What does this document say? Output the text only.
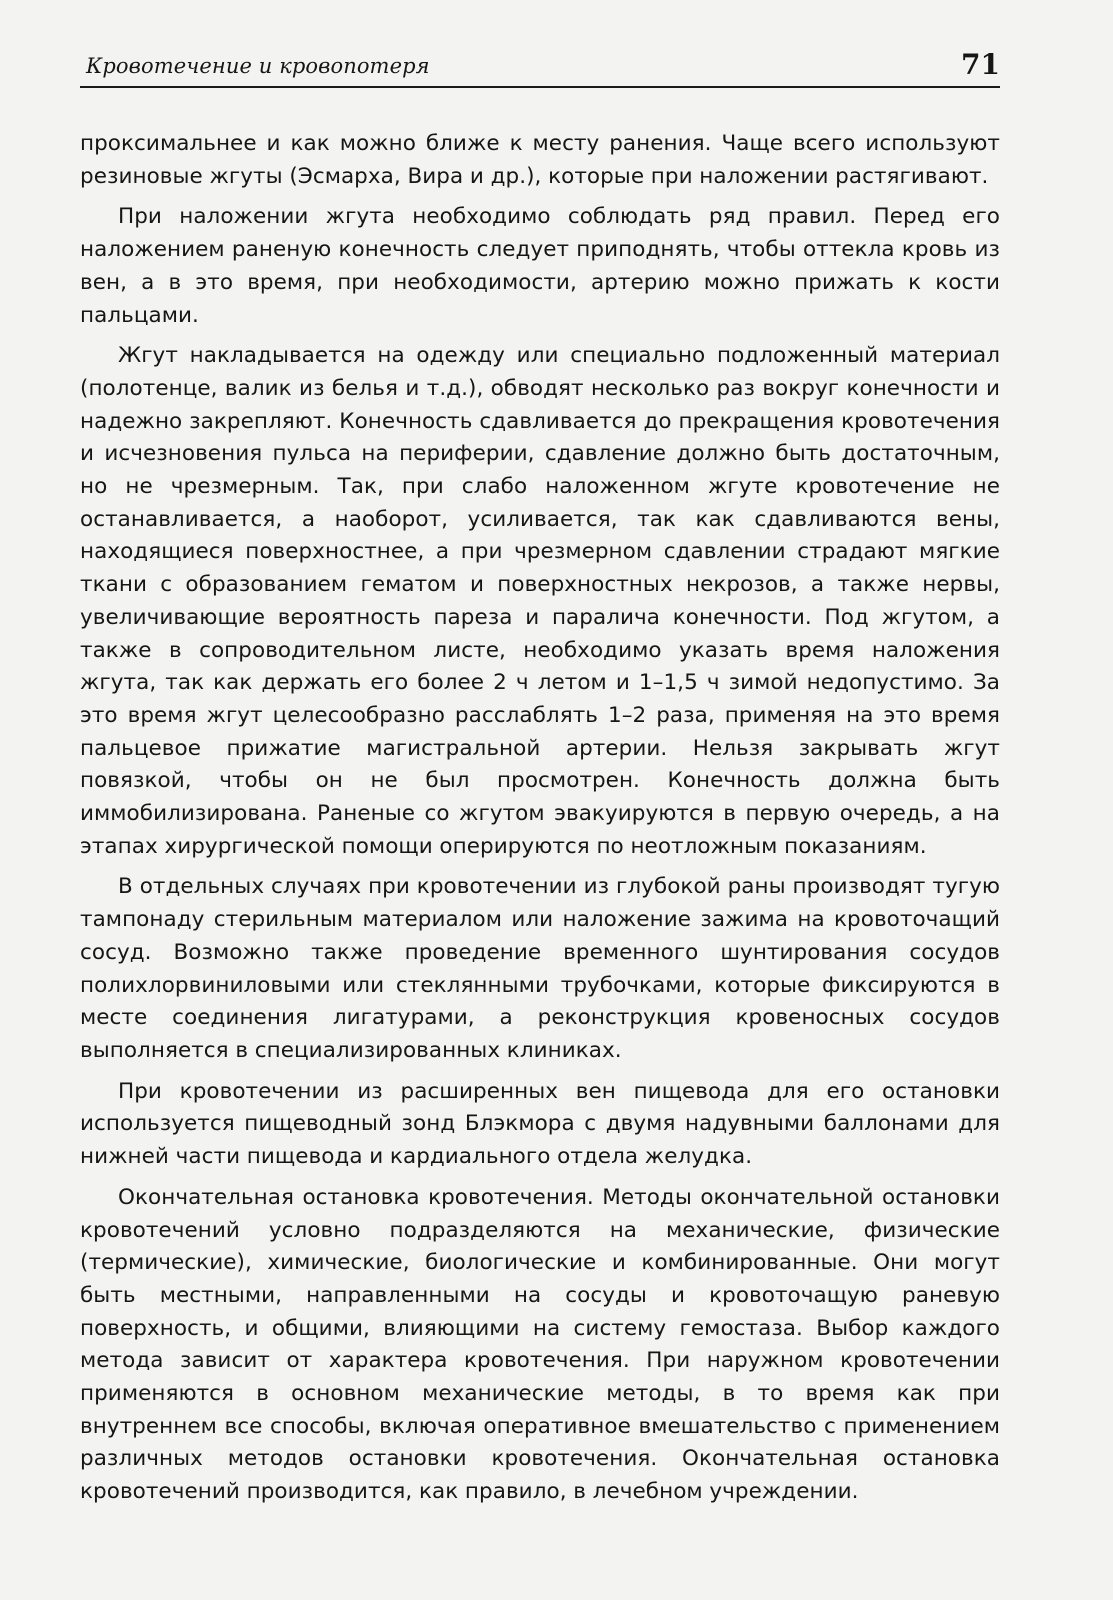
Кровотечение и кровопотеря	71

проксимальнее и как можно ближе к месту ранения. Чаще всего используют резиновые жгуты (Эсмарха, Вира и др.), которые при наложении растягивают.

При наложении жгута необходимо соблюдать ряд правил. Перед его наложением раненую конечность следует приподнять, чтобы оттекла кровь из вен, а в это время, при необходимости, артерию можно прижать к кости пальцами.

Жгут накладывается на одежду или специально подложенный материал (полотенце, валик из белья и т.д.), обводят несколько раз вокруг конечности и надежно закрепляют. Конечность сдавливается до прекращения кровотечения и исчезновения пульса на периферии, сдавление должно быть достаточным, но не чрезмерным. Так, при слабо наложенном жгуте кровотечение не останавливается, а наоборот, усиливается, так как сдавливаются вены, находящиеся поверхностнее, а при чрезмерном сдавлении страдают мягкие ткани с образованием гематом и поверхностных некрозов, а также нервы, увеличивающие вероятность пареза и паралича конечности. Под жгутом, а также в сопроводительном листе, необходимо указать время наложения жгута, так как держать его более 2 ч летом и 1–1,5 ч зимой недопустимо. За это время жгут целесообразно расслаблять 1–2 раза, применяя на это время пальцевое прижатие магистральной артерии. Нельзя закрывать жгут повязкой, чтобы он не был просмотрен. Конечность должна быть иммобилизирована. Раненые со жгутом эвакуируются в первую очередь, а на этапах хирургической помощи оперируются по неотложным показаниям.

В отдельных случаях при кровотечении из глубокой раны производят тугую тампонаду стерильным материалом или наложение зажима на кровоточащий сосуд. Возможно также проведение временного шунтирования сосудов полихлорвиниловыми или стеклянными трубочками, которые фиксируются в месте соединения лигатурами, а реконструкция кровеносных сосудов выполняется в специализированных клиниках.

При кровотечении из расширенных вен пищевода для его остановки используется пищеводный зонд Блэкмора с двумя надувными баллонами для нижней части пищевода и кардиального отдела желудка.

Окончательная остановка кровотечения. Методы окончательной остановки кровотечений условно подразделяются на механические, физические (термические), химические, биологические и комбинированные. Они могут быть местными, направленными на сосуды и кровоточащую раневую поверхность, и общими, влияющими на систему гемостаза. Выбор каждого метода зависит от характера кровотечения. При наружном кровотечении применяются в основном механические методы, в то время как при внутреннем все способы, включая оперативное вмешательство с применением различных методов остановки кровотечения. Окончательная остановка кровотечений производится, как правило, в лечебном учреждении.
